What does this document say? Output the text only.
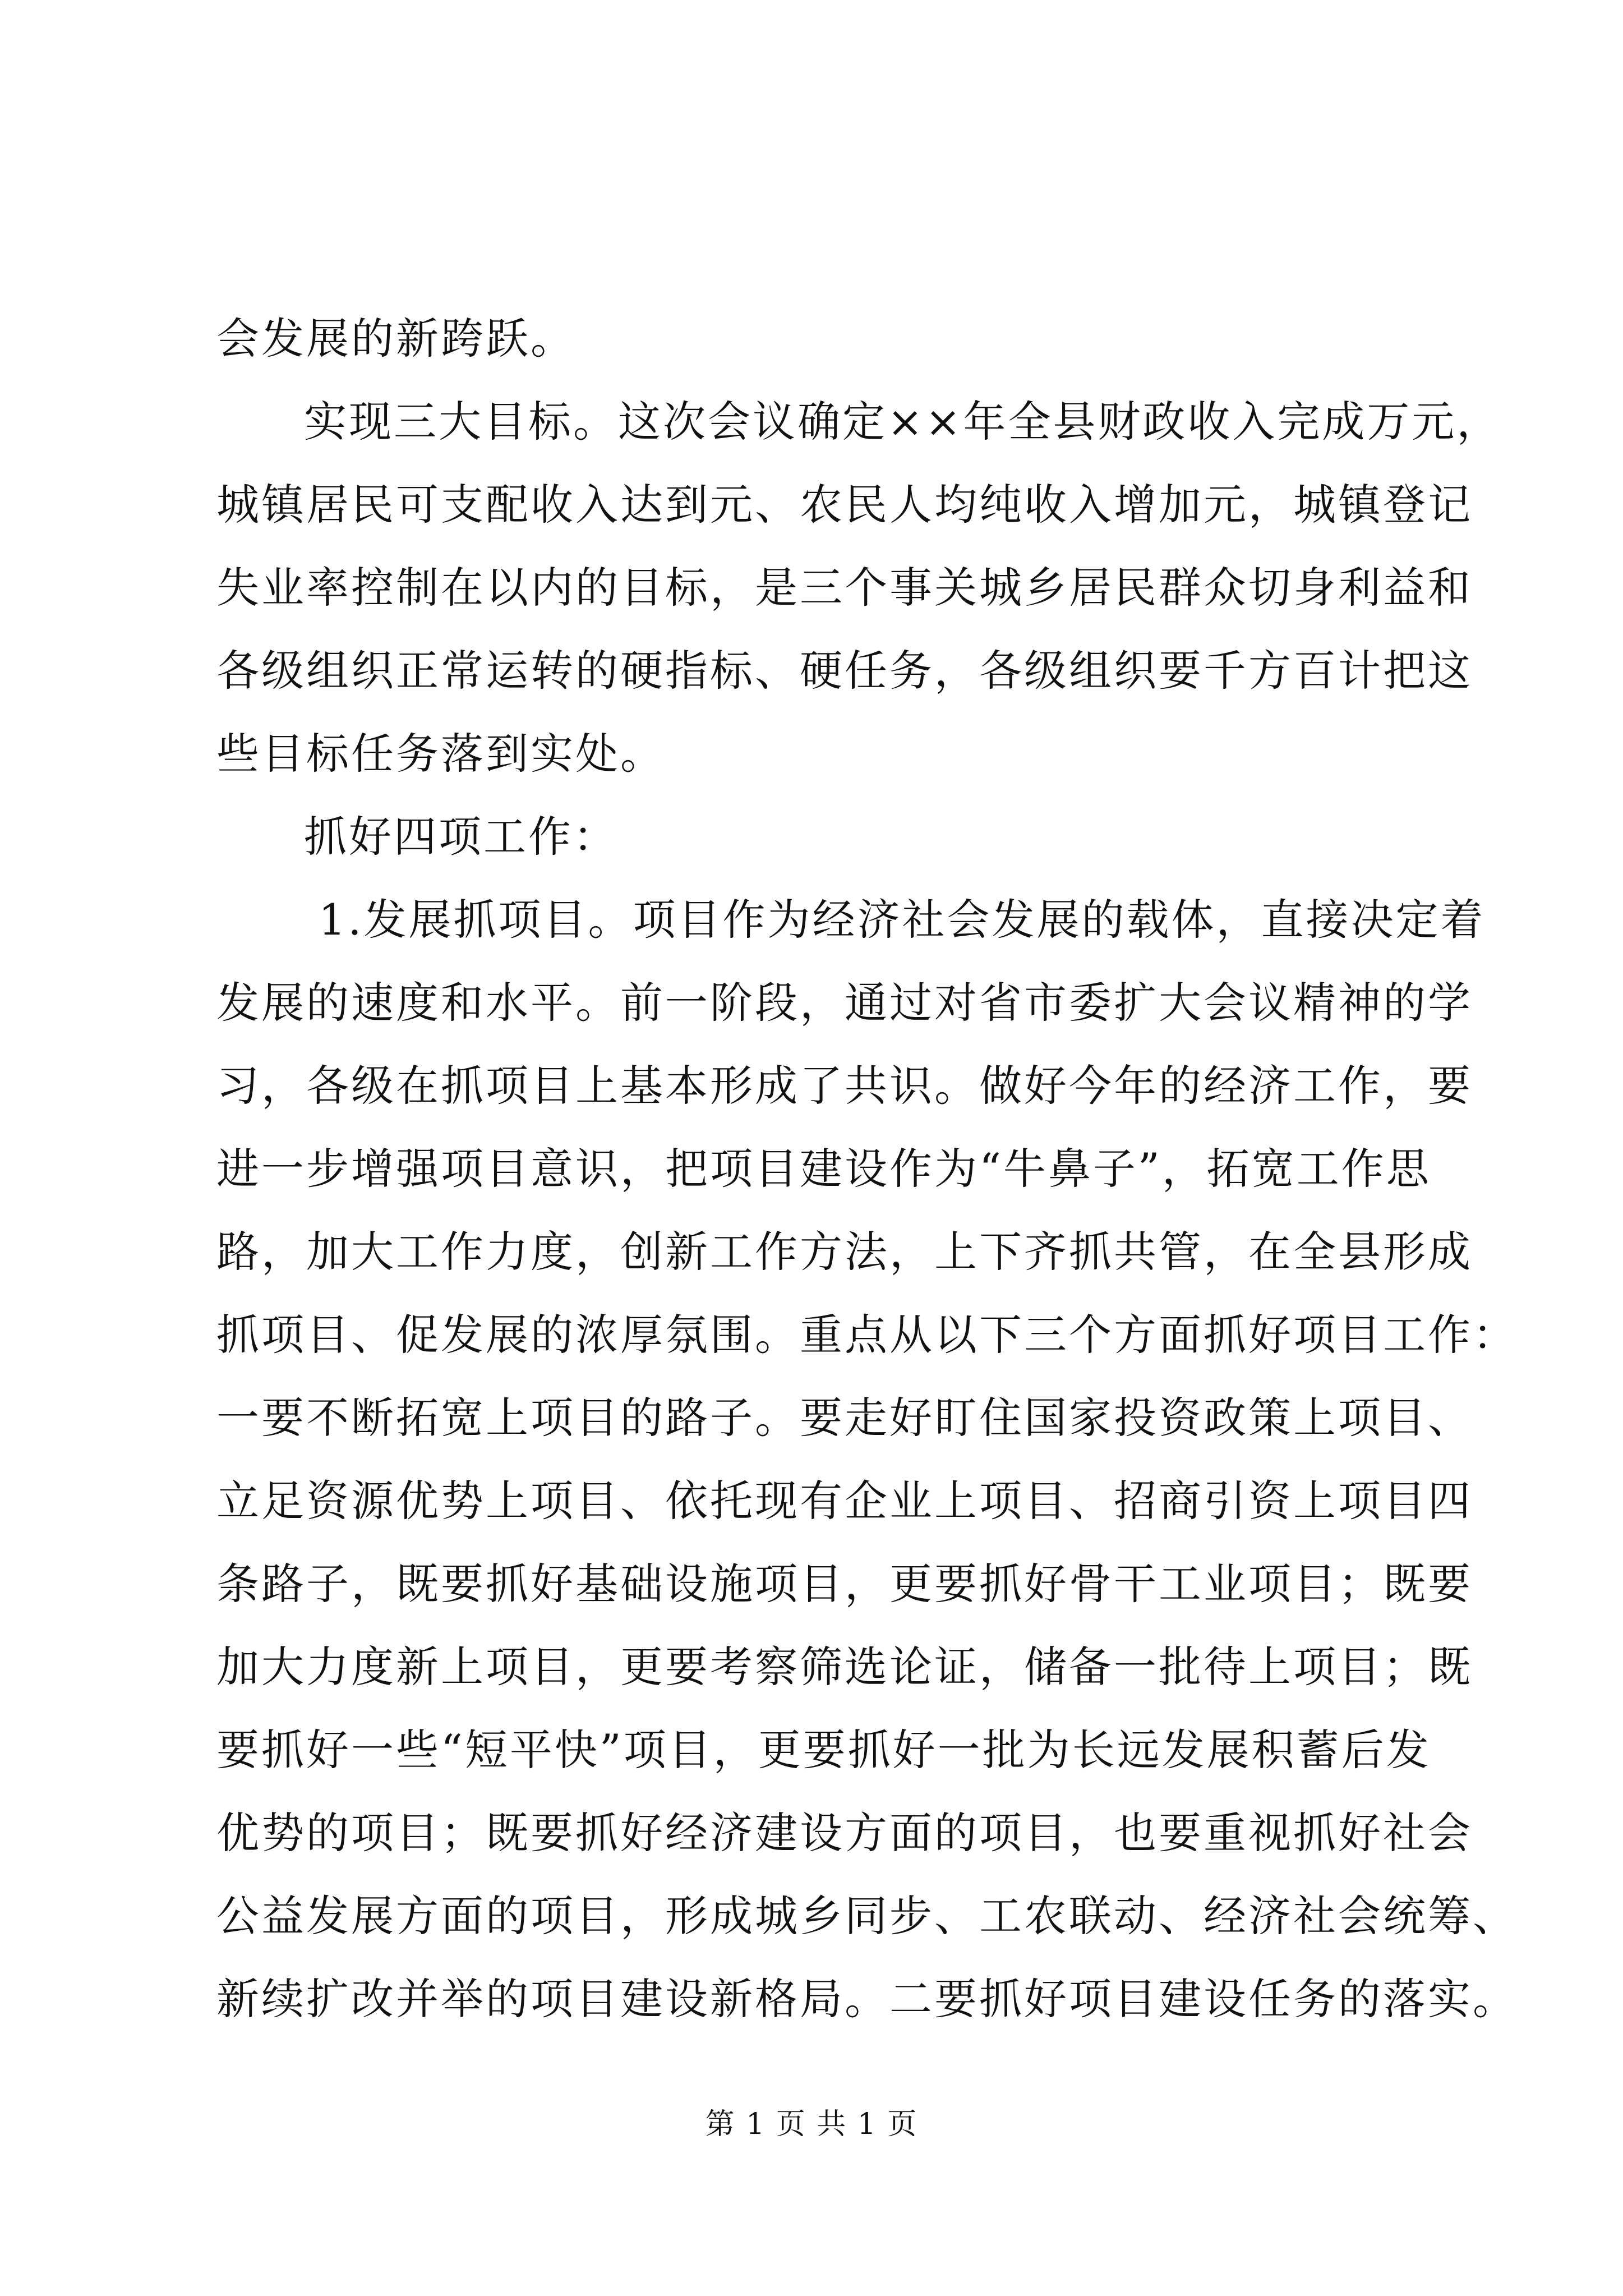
会发展的新跨跃。
实现三大目标。这次会议确定××年全县财政收入完成万元，
城镇居民可支配收入达到元、农民人均纯收入增加元，城镇登记
失业率控制在以内的目标，是三个事关城乡居民群众切身利益和
各级组织正常运转的硬指标、硬任务，各级组织要千方百计把这
些目标任务落到实处。
抓好四项工作：
1.发展抓项目。项目作为经济社会发展的载体，直接决定着
发展的速度和水平。前一阶段，通过对省市委扩大会议精神的学
习，各级在抓项目上基本形成了共识。做好今年的经济工作，要
进一步增强项目意识，把项目建设作为“牛鼻子”，拓宽工作思
路，加大工作力度，创新工作方法，上下齐抓共管，在全县形成
抓项目、促发展的浓厚氛围。重点从以下三个方面抓好项目工作：
一要不断拓宽上项目的路子。要走好盯住国家投资政策上项目、
立足资源优势上项目、依托现有企业上项目、招商引资上项目四
条路子，既要抓好基础设施项目，更要抓好骨干工业项目；既要
加大力度新上项目，更要考察筛选论证，储备一批待上项目；既
要抓好一些“短平快”项目，更要抓好一批为长远发展积蓄后发
优势的项目；既要抓好经济建设方面的项目，也要重视抓好社会
公益发展方面的项目，形成城乡同步、工农联动、经济社会统筹、
新续扩改并举的项目建设新格局。二要抓好项目建设任务的落实。
第 1 页 共 1 页
